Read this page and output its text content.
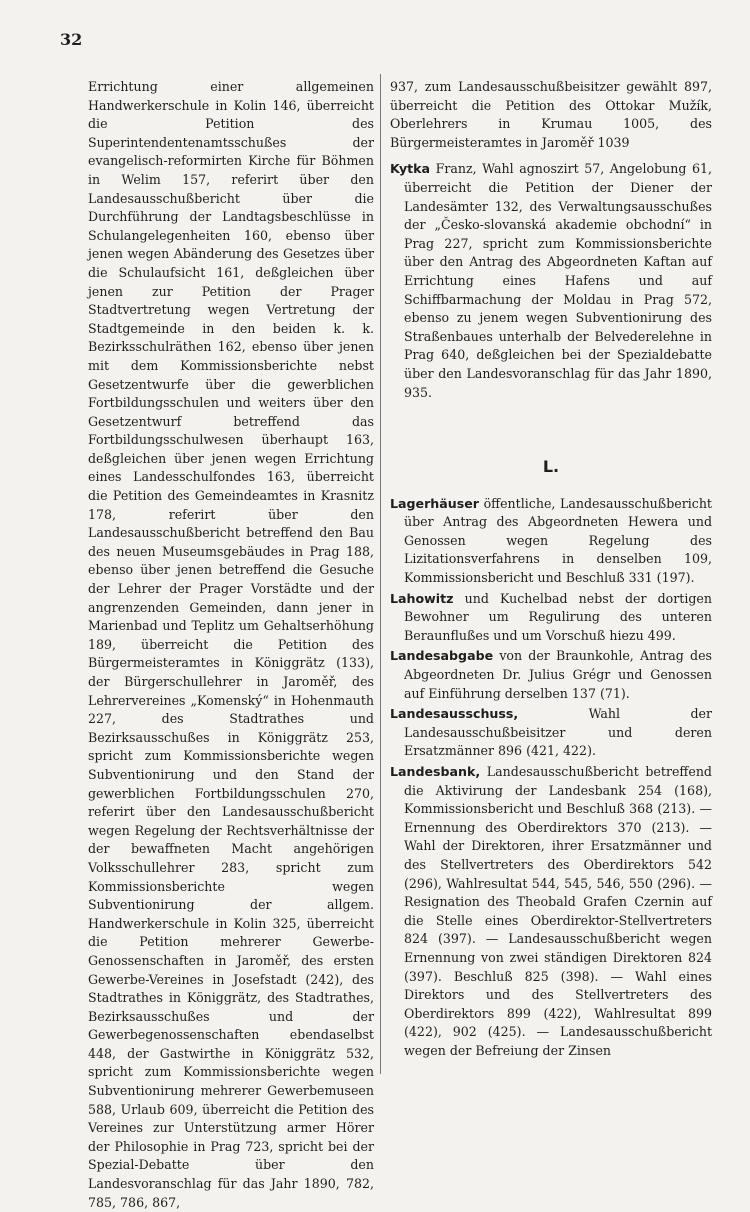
32

Errichtung einer allgemeinen Handwerkerschule in Kolin 146, überreicht die Petition des Superintendentenamtsschußes der evangelisch-reformirten Kirche für Böhmen in Welim 157, referirt über den Landesausschußbericht über die Durchführung der Landtagsbeschlüsse in Schulangelegenheiten 160, ebenso über jenen wegen Abänderung des Gesetzes über die Schulaufsicht 161, deßgleichen über jenen zur Petition der Prager Stadtvertretung wegen Vertretung der Stadtgemeinde in den beiden k. k. Bezirksschulräthen 162, ebenso über jenen mit dem Kommissionsberichte nebst Gesetzentwurfe über die gewerblichen Fortbildungsschulen und weiters über den Gesetzentwurf betreffend das Fortbildungsschulwesen überhaupt 163, deßgleichen über jenen wegen Errichtung eines Landesschulfondes 163, überreicht die Petition des Gemeindeamtes in Krasnitz 178, referirt über den Landesausschußbericht betreffend den Bau des neuen Museumsgebäudes in Prag 188, ebenso über jenen betreffend die Gesuche der Lehrer der Prager Vorstädte und der angrenzenden Gemeinden, dann jener in Marienbad und Teplitz um Gehaltserhöhung 189, überreicht die Petition des Bürgermeisteramtes in Königgrätz (133), der Bürgerschullehrer in Jaroměř, des Lehrervereines „Komenský“ in Hohenmauth 227, des Stadtrathes und Bezirksausschußes in Königgrätz 253, spricht zum Kommissionsberichte wegen Subventionirung und den Stand der gewerblichen Fortbildungsschulen 270, referirt über den Landesausschußbericht wegen Regelung der Rechtsverhältnisse der der bewaffneten Macht angehörigen Volksschullehrer 283, spricht zum Kommissionsberichte wegen Subventionirung der allgem. Handwerkerschule in Kolin 325, überreicht die Petition mehrerer Gewerbe-Genossenschaften in Jaroměř, des ersten Gewerbe-Vereines in Josefstadt (242), des Stadtrathes in Königgrätz, des Stadtrathes, Bezirksausschußes und der Gewerbegenossenschaften ebendaselbst 448, der Gastwirthe in Königgrätz 532, spricht zum Kommissionsberichte wegen Subventionirung mehrerer Gewerbemuseen 588, Urlaub 609, überreicht die Petition des Vereines zur Unterstützung armer Hörer der Philosophie in Prag 723, spricht bei der Spezial-Debatte über den Landesvoranschlag für das Jahr 1890, 782, 785, 786, 867,

937, zum Landesausschußbeisitzer gewählt 897, überreicht die Petition des Ottokar Mužík, Oberlehrers in Krumau 1005, des Bürgermeisteramtes in Jaroměř 1039

Kytka Franz, Wahl agnoszirt 57, Angelobung 61, überreicht die Petition der Diener der Landesämter 132, des Verwaltungsausschußes der „Česko-slovanská akademie obchodní“ in Prag 227, spricht zum Kommissionsberichte über den Antrag des Abgeordneten Kaftan auf Errichtung eines Hafens und auf Schiffbarmachung der Moldau in Prag 572, ebenso zu jenem wegen Subventionirung des Straßenbaues unterhalb der Belvederelehne in Prag 640, deßgleichen bei der Spezialdebatte über den Landesvoranschlag für das Jahr 1890, 935.

L.

Lagerhäuser öffentliche, Landesausschußbericht über Antrag des Abgeordneten Hewera und Genossen wegen Regelung des Lizitationsverfahrens in denselben 109, Kommissionsbericht und Beschluß 331 (197).

Lahowitz und Kuchelbad nebst der dortigen Bewohner um Regulirung des unteren Beraunflußes und um Vorschuß hiezu 499.

Landesabgabe von der Braunkohle, Antrag des Abgeordneten Dr. Julius Grégr und Genossen auf Einführung derselben 137 (71).

Landesausschuss,	Wahl der Landesausschußbeisitzer und deren Ersatzmänner 896 (421, 422).

Landesbank, Landesausschußbericht betreffend die Aktivirung der Landesbank 254 (168), Kommissionsbericht und Beschluß 368 (213). — Ernennung des Oberdirektors 370 (213). — Wahl der Direktoren, ihrer Ersatzmänner und des Stellvertreters des Oberdirektors 542 (296), Wahlresultat 544, 545, 546, 550 (296). — Resignation des Theobald Grafen Czernin auf die Stelle eines Oberdirektor-Stellvertreters 824 (397). — Landesausschußbericht wegen Ernennung von zwei ständigen Direktoren 824 (397). Beschluß 825 (398). — Wahl eines Direktors und des Stellvertreters des Oberdirektors 899 (422), Wahlresultat 899 (422), 902 (425). — Landesausschußbericht wegen der Befreiung der Zinsen
